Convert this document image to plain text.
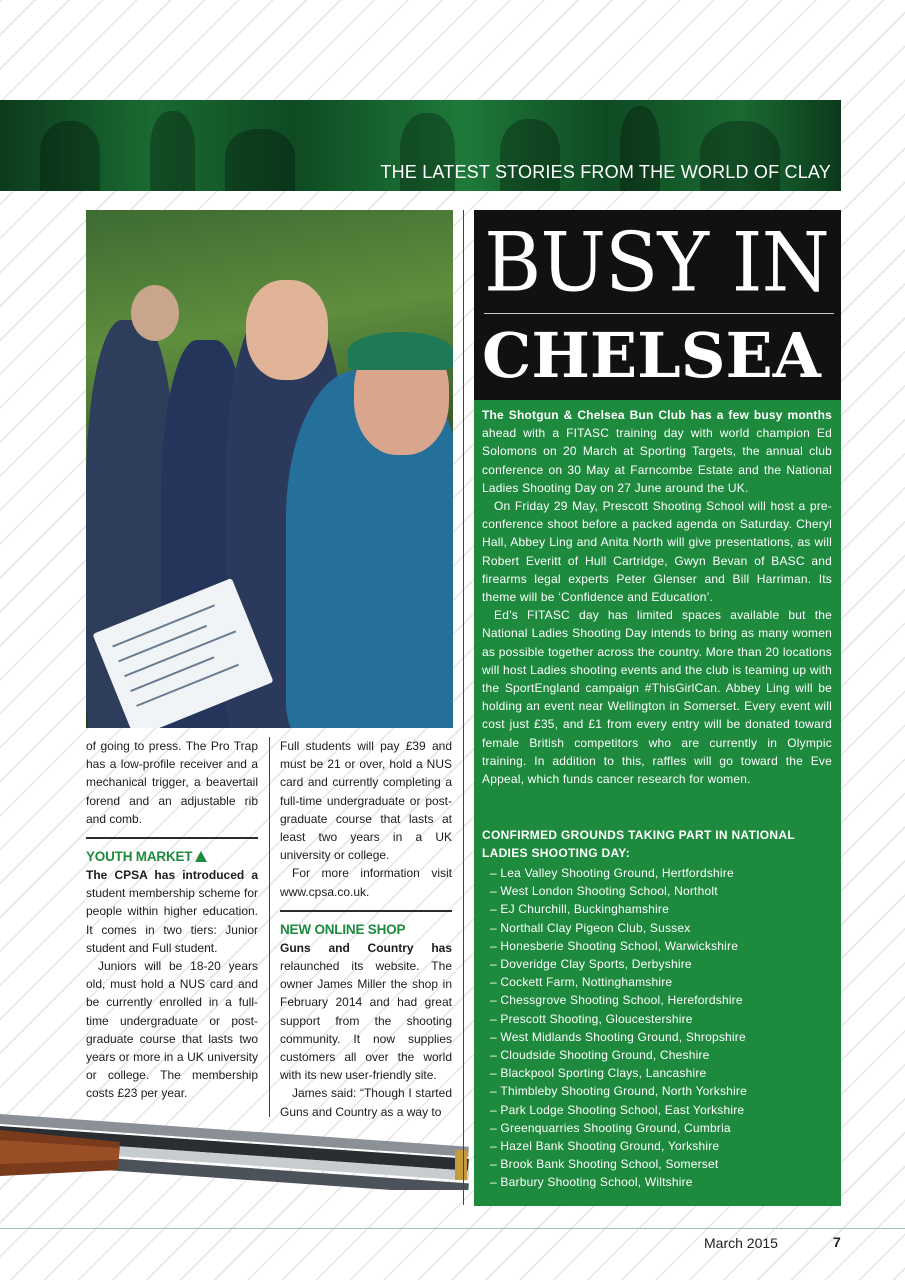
THE LATEST STORIES FROM THE WORLD OF CLAY

of going to press. The Pro Trap has a low-profile receiver and a mechanical trigger, a beavertail forend and an adjustable rib and comb.

YOUTH MARKET

The CPSA has introduced a student membership scheme for people within higher education. It comes in two tiers: Junior student and Full student.

Juniors will be 18-20 years old, must hold a NUS card and be currently enrolled in a full-time undergraduate or post-graduate course that lasts two years or more in a UK university or college. The membership costs £23 per year.

Full students will pay £39 and must be 21 or over, hold a NUS card and currently completing a full-time undergraduate or post-graduate course that lasts at least two years in a UK university or college.

For more information visit www.cpsa.co.uk.

NEW ONLINE SHOP

Guns and Country has relaunched its website. The owner James Miller the shop in February 2014 and had great support from the shooting community. It now supplies customers all over the world with its new user-friendly site.

James said: “Though I started Guns and Country as a way to

BUSY IN
CHELSEA

The Shotgun & Chelsea Bun Club has a few busy months ahead with a FITASC training day with world champion Ed Solomons on 20 March at Sporting Targets, the annual club conference on 30 May at Farncombe Estate and the National Ladies Shooting Day on 27 June around the UK.

On Friday 29 May, Prescott Shooting School will host a pre-conference shoot before a packed agenda on Saturday. Cheryl Hall, Abbey Ling and Anita North will give presentations, as will Robert Everitt of Hull Cartridge, Gwyn Bevan of BASC and firearms legal experts Peter Glenser and Bill Harriman. Its theme will be ‘Confidence and Education’.

Ed’s FITASC day has limited spaces available but the National Ladies Shooting Day intends to bring as many women as possible together across the country. More than 20 locations will host Ladies shooting events and the club is teaming up with the SportEngland campaign #ThisGirlCan. Abbey Ling will be holding an event near Wellington in Somerset. Every event will cost just £35, and £1 from every entry will be donated toward female British competitors who are currently in Olympic training. In addition to this, raffles will go toward the Eve Appeal, which funds cancer research for women.

CONFIRMED GROUNDS TAKING PART IN NATIONAL LADIES SHOOTING DAY:
– Lea Valley Shooting Ground, Hertfordshire
– West London Shooting School, Northolt
– EJ Churchill, Buckinghamshire
– Northall Clay Pigeon Club, Sussex
– Honesberie Shooting School, Warwickshire
– Doveridge Clay Sports, Derbyshire
– Cockett Farm, Nottinghamshire
– Chessgrove Shooting School, Herefordshire
– Prescott Shooting, Gloucestershire
– West Midlands Shooting Ground, Shropshire
– Cloudside Shooting Ground, Cheshire
– Blackpool Sporting Clays, Lancashire
– Thimbleby Shooting Ground, North Yorkshire
– Park Lodge Shooting School, East Yorkshire
– Greenquarries Shooting Ground, Cumbria
– Hazel Bank Shooting Ground, Yorkshire
– Brook Bank Shooting School, Somerset
– Barbury Shooting School, Wiltshire
March 2015	7
